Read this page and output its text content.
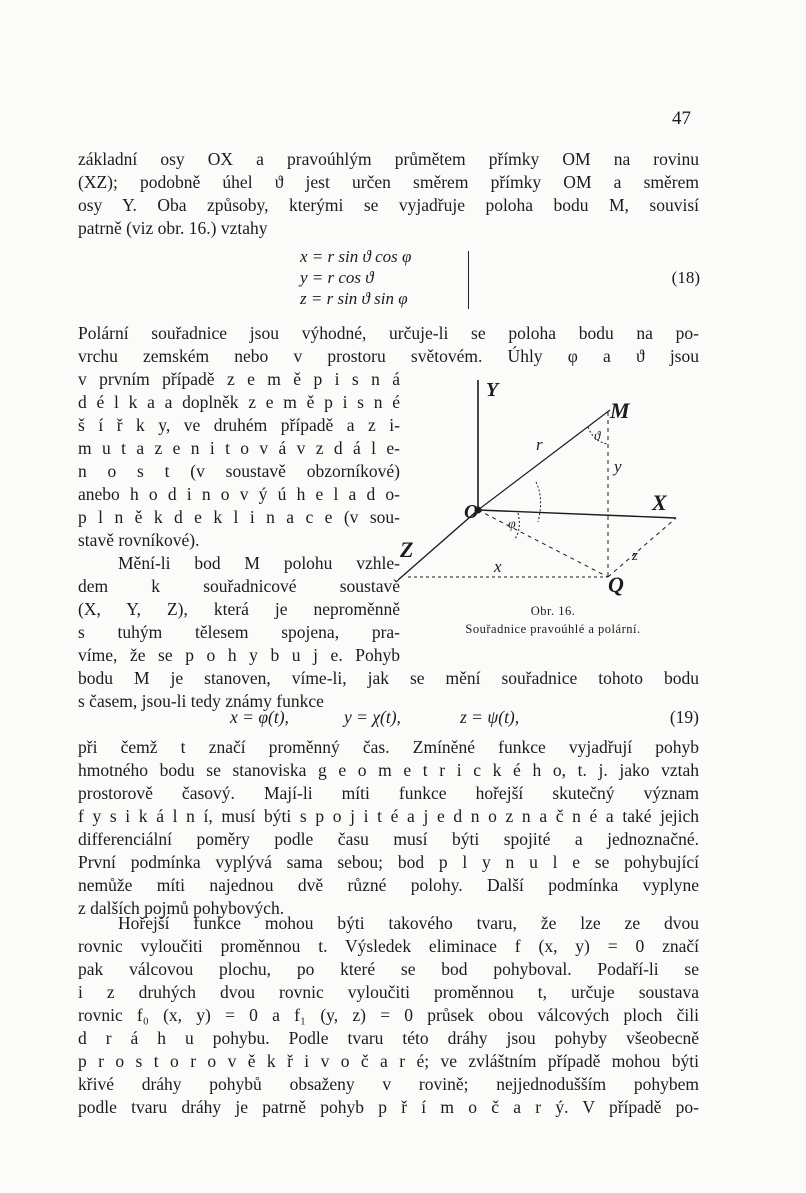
47

základní osy OX a pravoúhlým průmětem přímky OM na rovinu
(XZ); podobně úhel ϑ jest určen směrem přímky OM a směrem
osy Y. Oba způsoby, kterými se vyjadřuje poloha bodu M, souvisí
patrně (viz obr. 16.) vztahy

x = r sin ϑ cos φ
y = r cos ϑ
z = r sin ϑ sin φ
(18)

Polární souřadnice jsou výhodné, určuje-li se poloha bodu na po-
vrchu zemském nebo v prostoru světovém. Úhly φ a ϑ jsou

v prvním případě z e m ě p i s n á
d é l k a a doplněk z e m ě p i s n é
š í ř k y, ve druhém případě a z i-
m u t a z e n i t o v á v z d á l e-
n o s t (v soustavě obzorníkové)
anebo h o d i n o v ý ú h e l a d o-
p l n ě k d e k l i n a c e (v sou-
stavě rovníkové).

Mění-li bod M polohu vzhle-

dem k souřadnicové soustavě
(X, Y, Z), která je neproměnně
s tuhým tělesem spojena, pra-
víme, že se p o h y b u j e. Pohyb

bodu M je stanoven, víme-li, jak se mění souřadnice tohoto bodu
s časem, jsou-li tedy známy funkce

x = φ(t),	y = χ(t),	z = ψ(t),	(19)

při čemž t značí proměnný čas. Zmíněné funkce vyjadřují pohyb
hmotného bodu se stanoviska g e o m e t r i c k é h o, t. j. jako vztah
prostorově časový. Mají-li míti funkce hořejší skutečný význam
f y s i k á l n í, musí býti s p o j i t é a j e d n o z n a č n é a také jejich
differenciální poměry podle času musí býti spojité a jednoznačné.
První podmínka vyplývá sama sebou; bod p l y n u l e se pohybující
nemůže míti najednou dvě různé polohy. Další podmínka vyplyne
z dalších pojmů pohybových.

Hořejší funkce mohou býti takového tvaru, že lze ze dvou

rovnic vyloučiti proměnnou t. Výsledek eliminace f (x, y) = 0 značí
pak válcovou plochu, po které se bod pohyboval. Podaří-li se
i z druhých dvou rovnic vyloučiti proměnnou t, určuje soustava
rovnic f₀ (x, y) = 0 a f₁ (y, z) = 0 průsek obou válcových ploch čili
d r á h u pohybu. Podle tvaru této dráhy jsou pohyby všeobecně
p r o s t o r o v ě k ř i v o č a r é; ve zvláštním případě mohou býti
křivé dráhy pohybů obsaženy v rovině; nejjednodušším pohybem
podle tvaru dráhy je patrně pohyb p ř í m o č a r ý. V případě po-

Y
M
X
Z
Q
O
r
y
x
z
ϑ
φ
Obr. 16.
Souřadnice pravoúhlé a polární.
